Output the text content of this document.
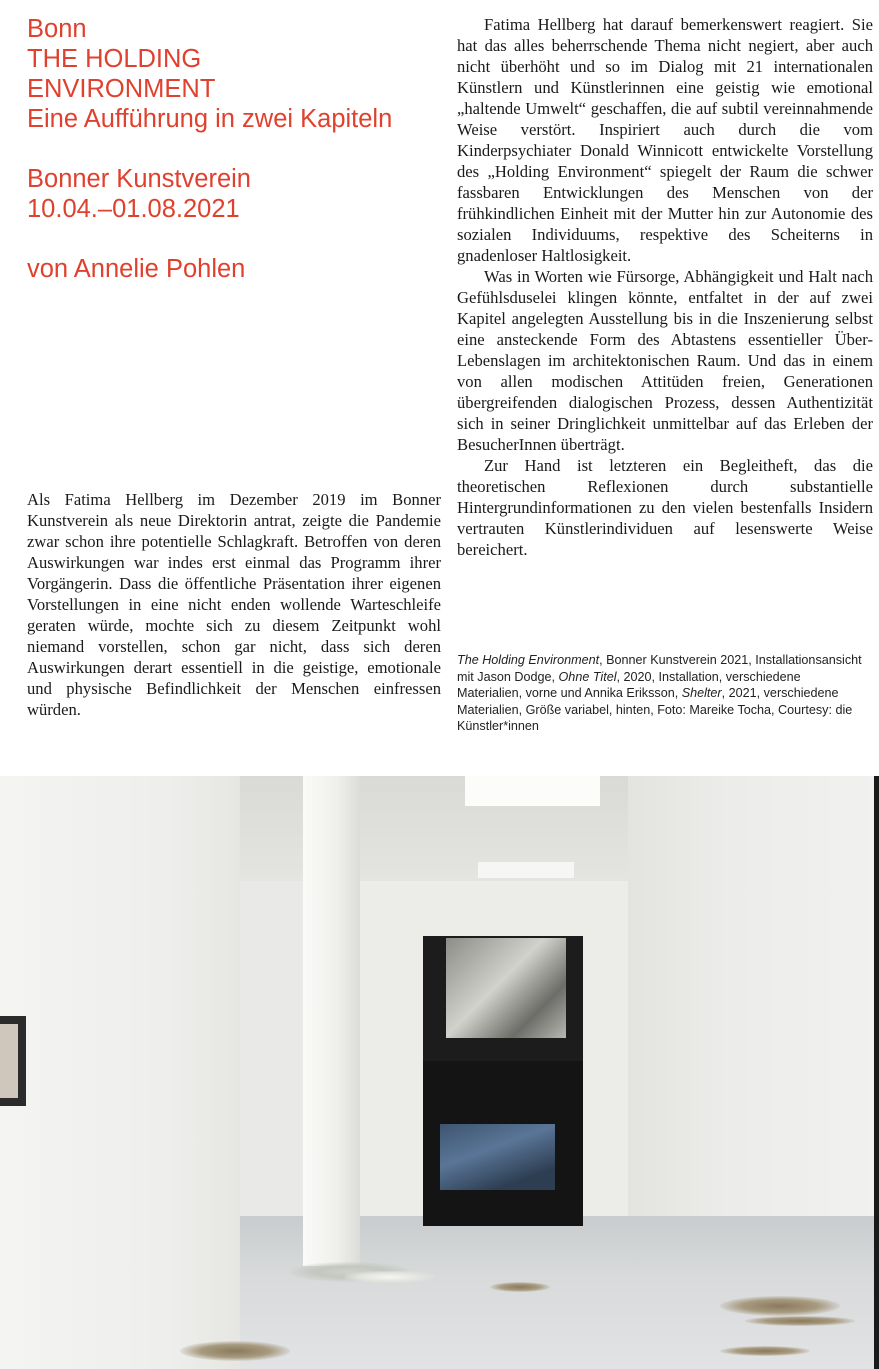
Bonn
THE HOLDING
ENVIRONMENT
Eine Aufführung in zwei Kapiteln
Bonner Kunstverein
10.04.–01.08.2021
von Annelie Pohlen

Als Fatima Hellberg im Dezember 2019 im Bonner Kunstverein als neue Direktorin antrat, zeigte die Pandemie zwar schon ihre potentielle Schlagkraft. Betroffen von deren Auswirkungen war indes erst einmal das Programm ihrer Vorgängerin. Dass die öffentliche Präsentation ihrer eigenen Vorstellungen in eine nicht enden wollende Warteschleife geraten würde, mochte sich zu diesem Zeitpunkt wohl niemand vorstellen, schon gar nicht, dass sich deren Auswirkungen derart essentiell in die geistige, emotionale und physische Befindlichkeit der Menschen einfressen würden.

Fatima Hellberg hat darauf bemerkenswert reagiert. Sie hat das alles beherrschende Thema nicht negiert, aber auch nicht überhöht und so im Dialog mit 21 internationalen Künstlern und Künstlerinnen eine geistig wie emotional „haltende Umwelt“ geschaffen, die auf subtil vereinnahmende Weise verstört. Inspiriert auch durch die vom Kinderpsychiater Donald Winnicott entwickelte Vorstellung des „Holding Environment“ spiegelt der Raum die schwer fassbaren Entwicklungen des Menschen von der frühkindlichen Einheit mit der Mutter hin zur Autonomie des sozialen Individuums, respektive des Scheiterns in gnadenloser Haltlosigkeit.

Was in Worten wie Fürsorge, Abhängigkeit und Halt nach Gefühlsduselei klingen könnte, entfaltet in der auf zwei Kapitel angelegten Ausstellung bis in die Inszenierung selbst eine ansteckende Form des Abtastens essentieller Über-Lebenslagen im architektonischen Raum. Und das in einem von allen modischen Attitüden freien, Generationen übergreifenden dialogischen Prozess, dessen Authentizität sich in seiner Dringlichkeit unmittelbar auf das Erleben der BesucherInnen überträgt.

Zur Hand ist letzteren ein Begleitheft, das die theoretischen Reflexionen durch substantielle Hintergrundinformationen zu den vielen bestenfalls Insidern vertrauten Künstlerindividuen auf lesenswerte Weise bereichert.

The Holding Environment, Bonner Kunstverein 2021, Installationsansicht mit Jason Dodge, Ohne Titel, 2020, Installation, verschiedene Materialien, vorne und Annika Eriksson, Shelter, 2021, verschiedene Materialien, Größe variabel, hinten, Foto: Mareike Tocha, Courtesy: die Künstler*innen
